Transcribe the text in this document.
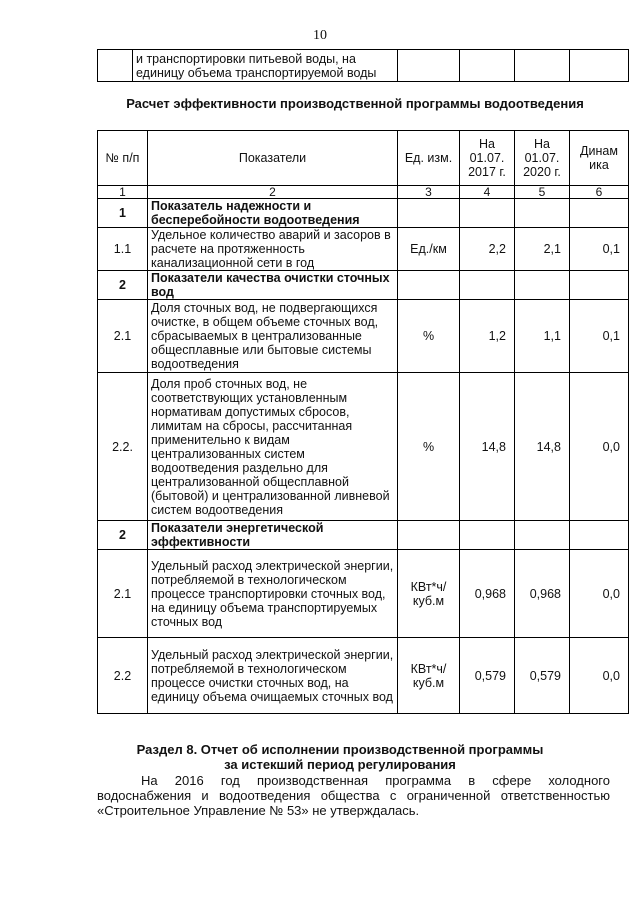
10
	и транспортировки питьевой воды, на единицу объема транспортируемой воды				
Расчет эффективности производственной программы водоотведения
№ п/п	Показатели	Ед. изм.	На 01.07. 2017 г.	На 01.07. 2020 г.	Динам ика
1	2	3	4	5	6
1	Показатель надежности и бесперебойности водоотведения				
1.1	Удельное количество аварий и засоров в расчете на протяженность канализационной сети в год	Ед./км	2,2	2,1	0,1
2	Показатели качества очистки сточных вод				
2.1	Доля сточных вод, не подвергающихся очистке, в общем объеме сточных вод, сбрасываемых в централизованные общесплавные или бытовые системы водоотведения	%	1,2	1,1	0,1
2.2.	Доля проб сточных вод, не соответствующих установленным нормативам допустимых сбросов, лимитам на сбросы, рассчитанная применительно к видам централизованных систем водоотведения раздельно для централизованной общесплавной (бытовой) и централизованной ливневой систем водоотведения	%	14,8	14,8	0,0
2	Показатели энергетической эффективности				
2.1	Удельный расход электрической энергии, потребляемой в технологическом процессе транспортировки сточных вод, на единицу объема транспортируемых сточных вод	КВт*ч/ куб.м	0,968	0,968	0,0
2.2	Удельный расход электрической энергии, потребляемой в технологическом процессе очистки сточных вод, на единицу объема очищаемых сточных вод	КВт*ч/ куб.м	0,579	0,579	0,0
Раздел 8. Отчет об исполнении производственной программы
за истекший период регулирования
На 2016 год производственная программа в сфере холодного водоснабжения и водоотведения общества с ограниченной ответственностью «Строительное Управление № 53» не утверждалась.
